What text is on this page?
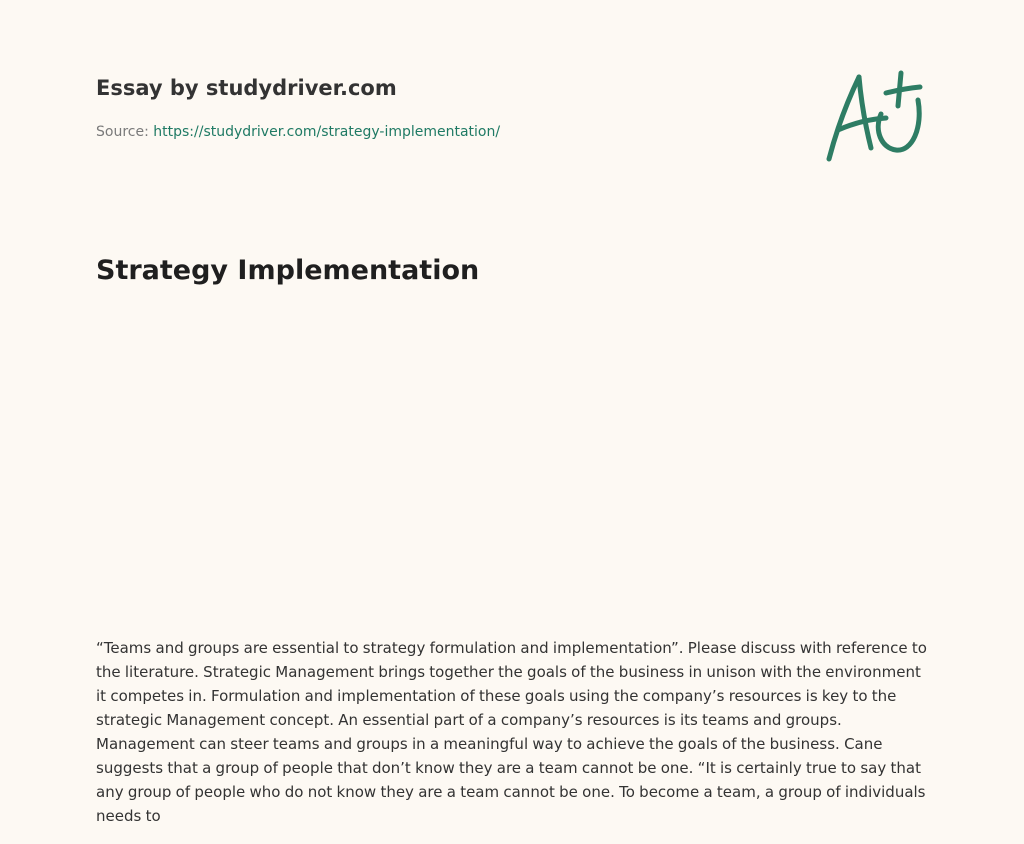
Essay by studydriver.com
Source: https://studydriver.com/strategy-implementation/
Strategy Implementation

“Teams and groups are essential to strategy formulation and implementation”. Please discuss with reference to the literature. Strategic Management brings together the goals of the business in unison with the environment it competes in. Formulation and implementation of these goals using the company’s resources is key to the strategic Management concept. An essential part of a company’s resources is its teams and groups. Management can steer teams and groups in a meaningful way to achieve the goals of the business. Cane suggests that a group of people that don’t know they are a team cannot be one. “It is certainly true to say that any group of people who do not know they are a team cannot be one. To become a team, a group of individuals needs to
